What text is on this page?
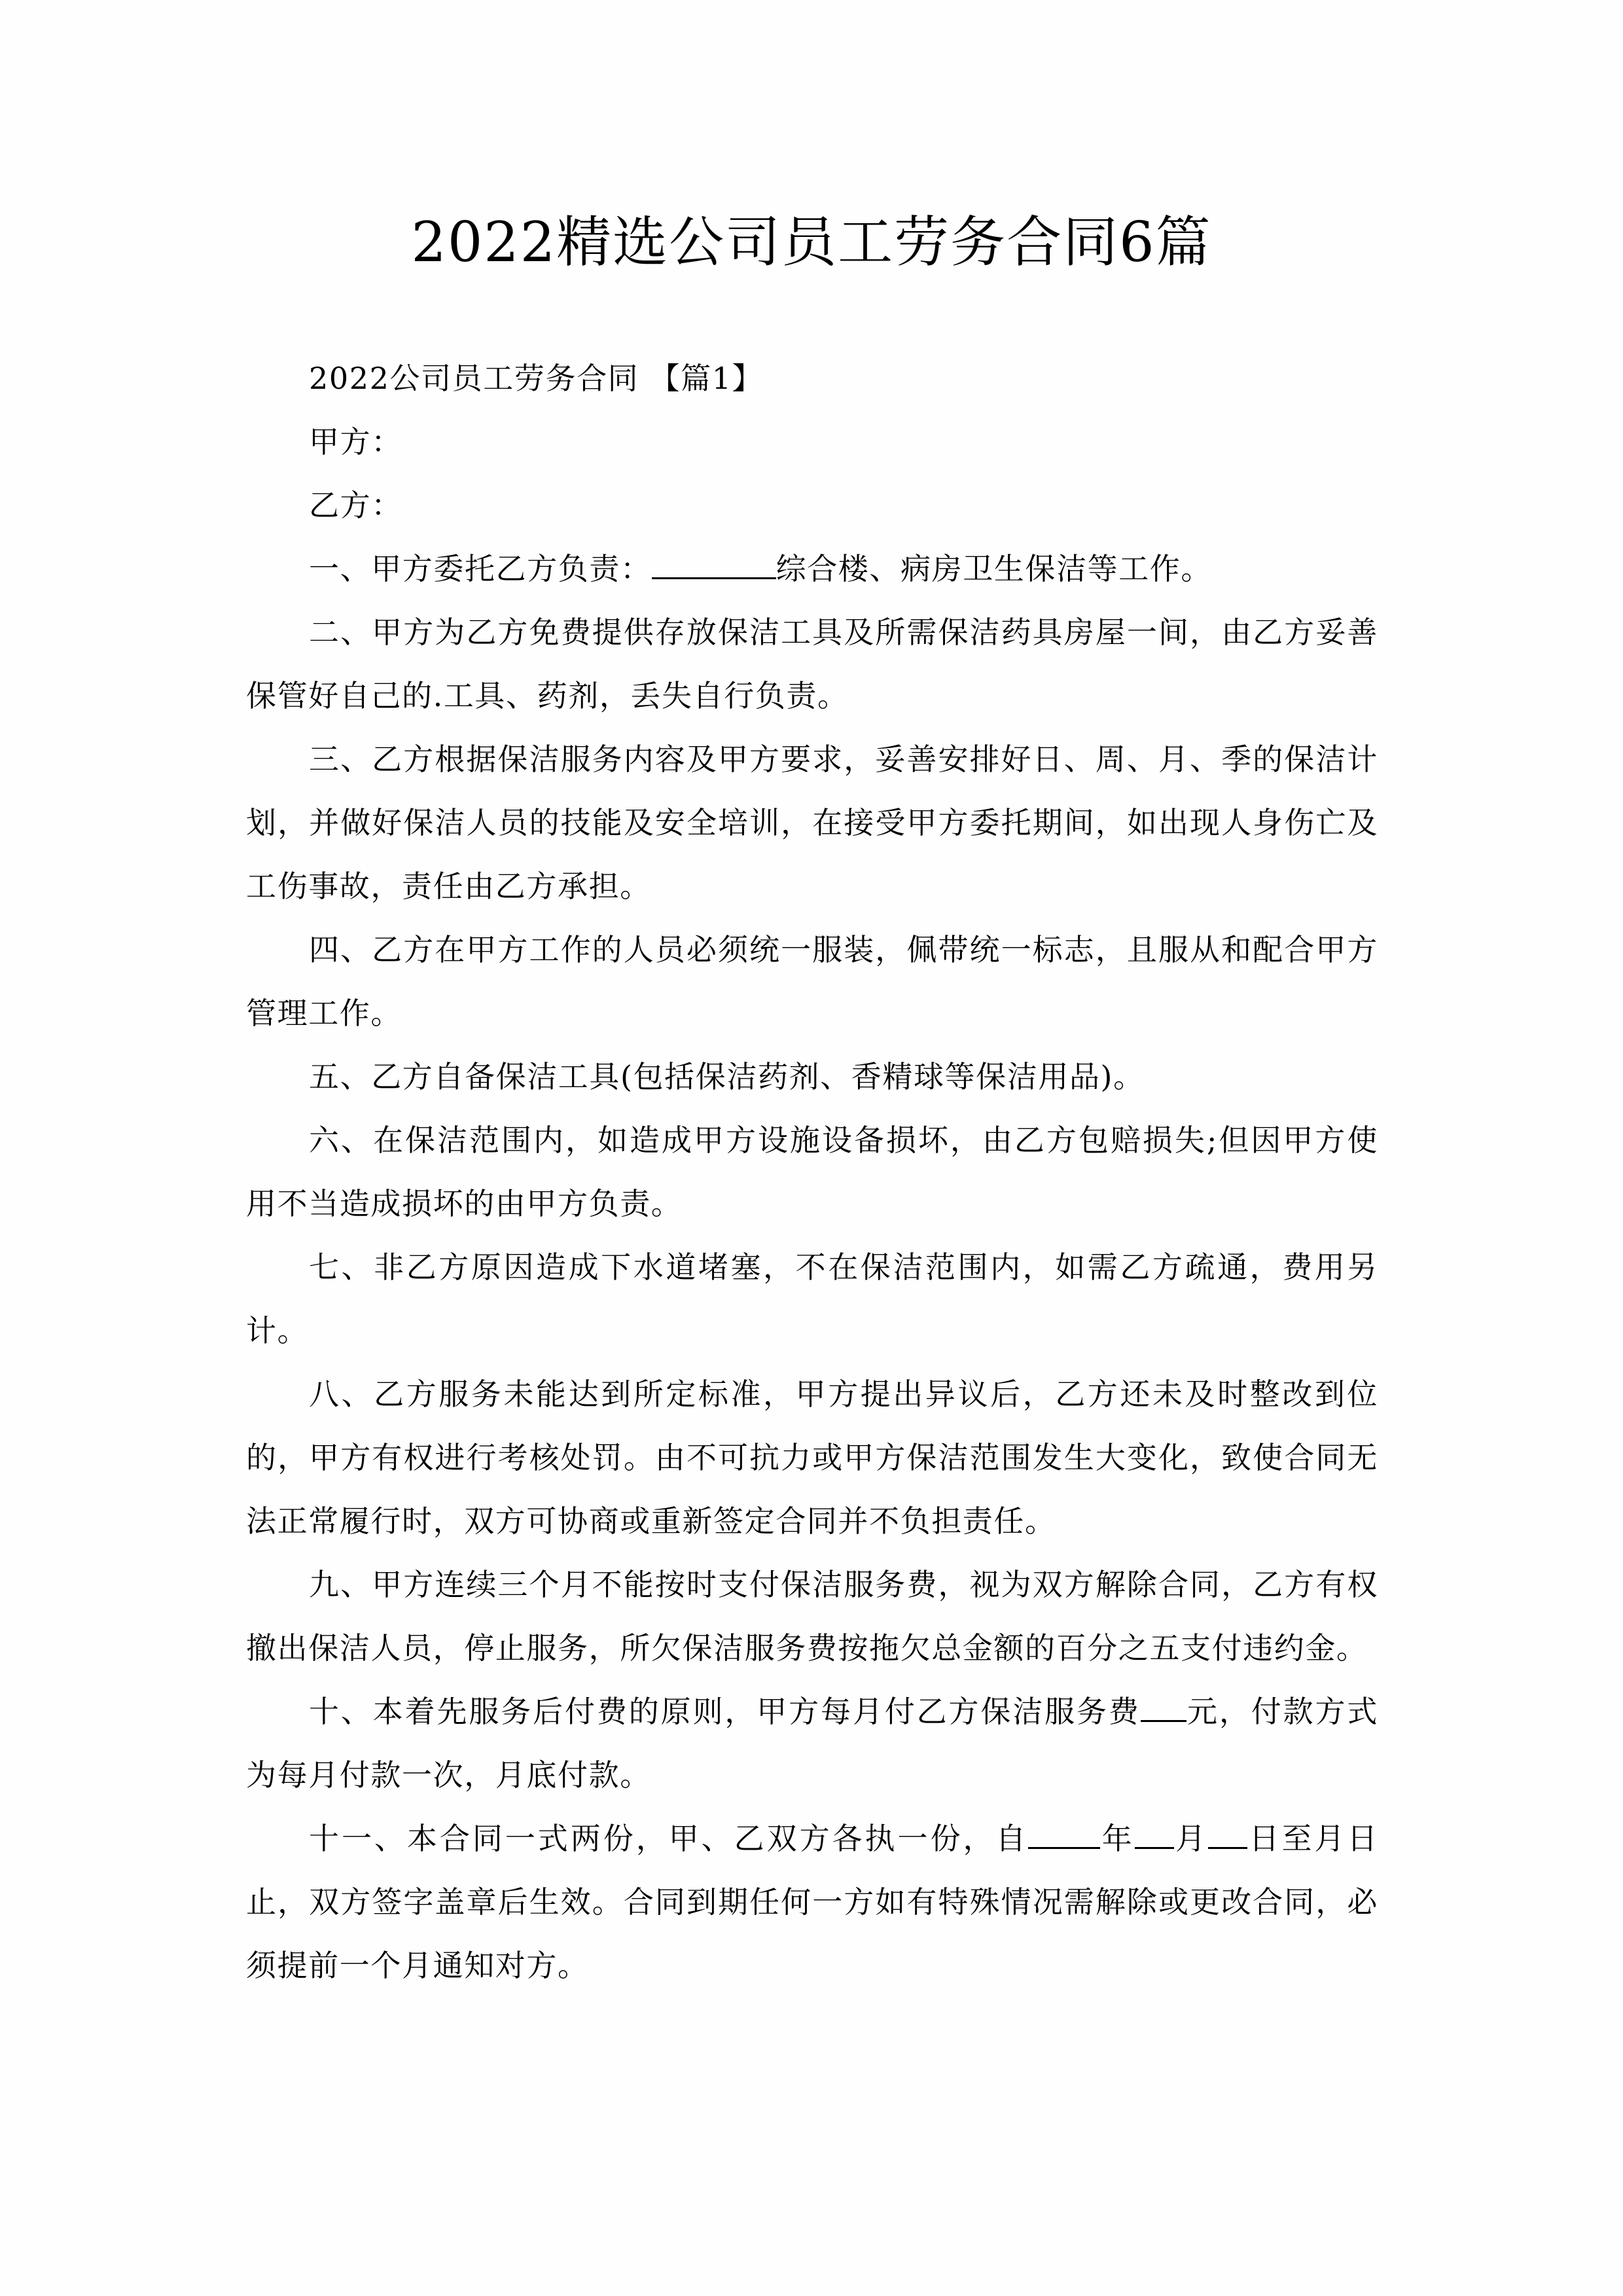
2022精选公司员工劳务合同6篇

2022公司员工劳务合同 【篇1】

甲方：

乙方：

一、甲方委托乙方负责：	综合楼、病房卫生保洁等工作。

二、甲方为乙方免费提供存放保洁工具及所需保洁药具房屋一间，由乙方妥善保管好自己的.工具、药剂，丢失自行负责。

三、乙方根据保洁服务内容及甲方要求，妥善安排好日、周、月、季的保洁计划，并做好保洁人员的技能及安全培训，在接受甲方委托期间，如出现人身伤亡及工伤事故，责任由乙方承担。

四、乙方在甲方工作的人员必须统一服装，佩带统一标志，且服从和配合甲方管理工作。

五、乙方自备保洁工具(包括保洁药剂、香精球等保洁用品)。

六、在保洁范围内，如造成甲方设施设备损坏，由乙方包赔损失;但因甲方使用不当造成损坏的由甲方负责。

七、非乙方原因造成下水道堵塞，不在保洁范围内，如需乙方疏通，费用另计。

八、乙方服务未能达到所定标准，甲方提出异议后，乙方还未及时整改到位的，甲方有权进行考核处罚。由不可抗力或甲方保洁范围发生大变化，致使合同无法正常履行时，双方可协商或重新签定合同并不负担责任。

九、甲方连续三个月不能按时支付保洁服务费，视为双方解除合同，乙方有权撤出保洁人员，停止服务，所欠保洁服务费按拖欠总金额的百分之五支付违约金。

十、本着先服务后付费的原则，甲方每月付乙方保洁服务费 元，付款方式为每月付款一次，月底付款。

十一、本合同一式两份，甲、乙双方各执一份，自 年 月 日至月日止，双方签字盖章后生效。合同到期任何一方如有特殊情况需解除或更改合同，必须提前一个月通知对方。
